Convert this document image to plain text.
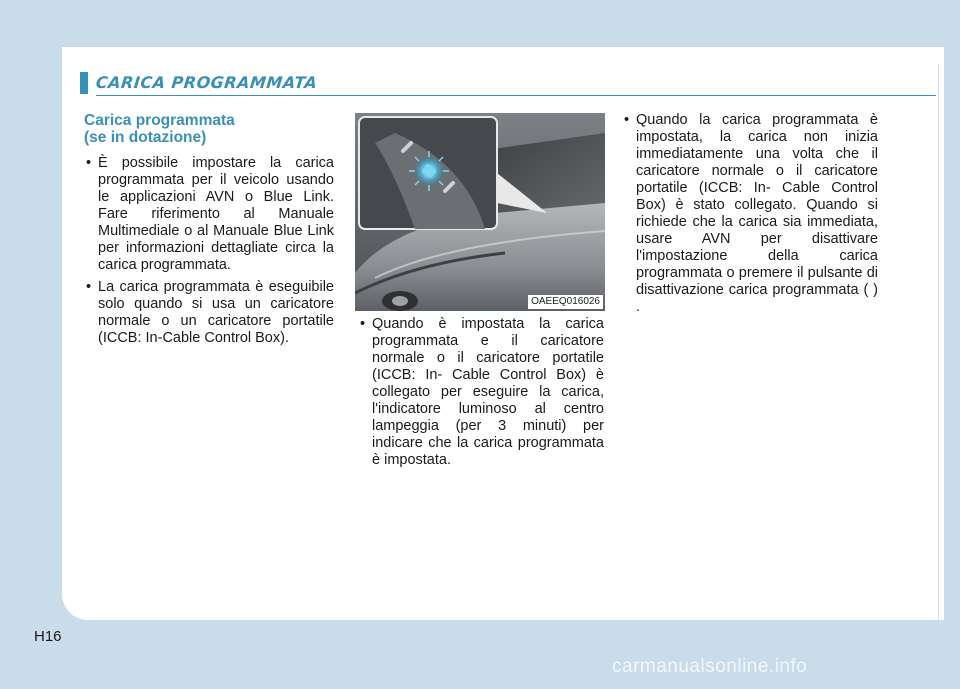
CARICA PROGRAMMATA
Carica programmata
(se in dotazione)
• È possibile impostare la carica programmata per il veicolo usando le applicazioni AVN o Blue Link. Fare riferimento al Manuale Multimediale o al Manuale Blue Link per informazioni dettagliate circa la carica programmata.
• La carica programmata è eseguibile solo quando si usa un caricatore normale o un caricatore portatile (ICCB: In-Cable Control Box).
OAEEQ016026
• Quando è impostata la carica programmata e il caricatore normale o il caricatore portatile (ICCB: In- Cable Control Box) è collegato per eseguire la carica, l'indicatore luminoso al centro lampeggia (per 3 minuti) per indicare che la carica programmata è impostata.
• Quando la carica programmata è impostata, la carica non inizia immediatamente una volta che il caricatore normale o il caricatore portatile (ICCB: In- Cable Control Box) è stato collegato. Quando si richiede che la carica sia immediata, usare AVN per disattivare l'impostazione della carica programmata o premere il pulsante di disattivazione carica programmata ( ) .
H16
carmanualsonline.info
